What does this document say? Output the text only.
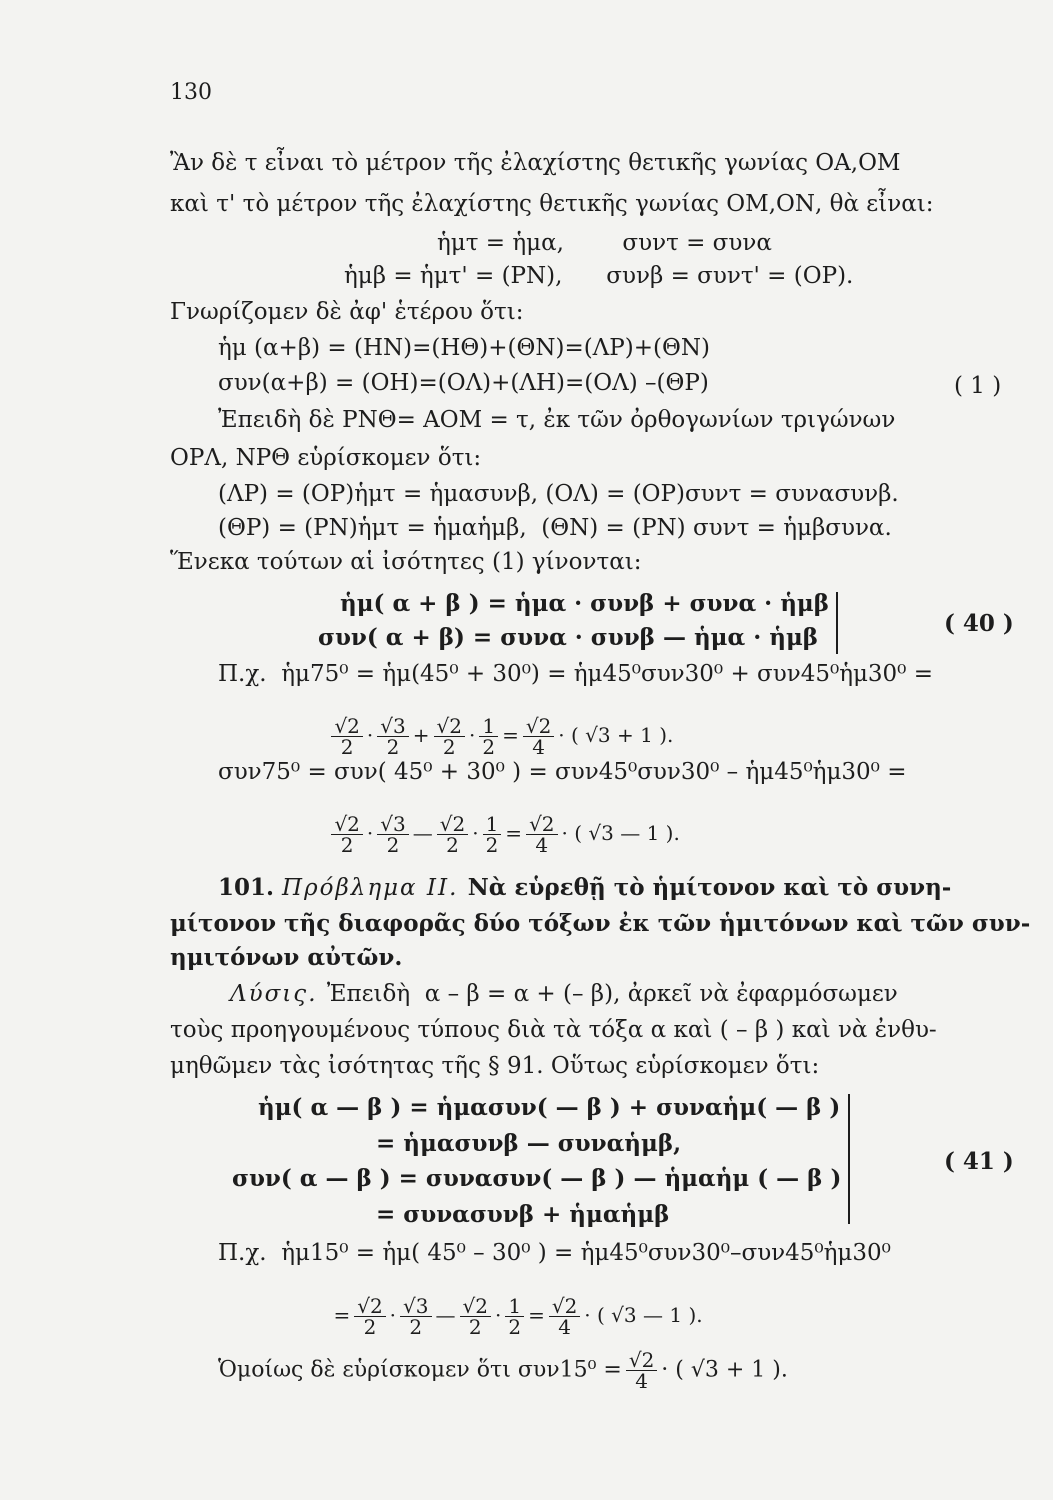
130
Ἂν δὲ τ εἶναι τὸ μέτρον τῆς ἐλαχίστης θετικῆς γωνίας ΟΑ,ΟΜ
καὶ τ' τὸ μέτρον τῆς ἐλαχίστης θετικῆς γωνίας ΟΜ,ΟΝ, θὰ εἶναι:
ἡμτ = ἡμα,        συντ = συνα
ἡμβ = ἡμτ' = (ΡΝ),      συνβ = συντ' = (ΟΡ).
Γνωρίζομεν δὲ ἀφ' ἑτέρου ὅτι:
ἡμ (α+β) = (ΗΝ)=(ΗΘ)+(ΘΝ)=(ΛΡ)+(ΘΝ)
συν(α+β) = (ΟΗ)=(ΟΛ)+(ΛΗ)=(ΟΛ) –(ΘΡ)	( 1 )
Ἐπειδὴ δὲ ΡΝΘ= ΑΟΜ = τ, ἐκ τῶν ὀρθογωνίων τριγώνων
ΟΡΛ, ΝΡΘ εὑρίσκομεν ὅτι:
(ΛΡ) = (ΟΡ)ἡμτ = ἡμασυνβ, (ΟΛ) = (ΟΡ)συντ = συνασυνβ.
(ΘΡ) = (ΡΝ)ἡμτ = ἡμαἡμβ,  (ΘΝ) = (ΡΝ) συντ = ἡμβσυνα.
Ἕνεκα τούτων αἱ ἰσότητες (1) γίνονται:
ἡμ( α + β ) = ἡμα · συνβ + συνα · ἡμβ
συν( α + β) = συνα · συνβ — ἡμα · ἡμβ
( 40 )
Π.χ.  ἡμ75⁰ = ἡμ(45⁰ + 30⁰) = ἡμ45⁰συν30⁰ + συν45⁰ἡμ30⁰ =

$\frac{√2}{2} \cdot \frac{√3}{2} + \frac{√2}{2} \cdot \frac{1}{2} = \frac{√2}{4}$ · ( √3 + 1 ).

συν75⁰ = συν( 45⁰ + 30⁰ ) = συν45⁰συν30⁰ – ἡμ45⁰ἡμ30⁰ =

$\frac{√2}{2} \cdot \frac{√3}{2}$ — $\frac{√2}{2} \cdot \frac{1}{2} = \frac{√2}{4}$ · ( √3 — 1 ).

101. Πρόβλημα ΙΙ. Νὰ εὑρεθῇ τὸ ἡμίτονον καὶ τὸ συνη-
μίτονον τῆς διαφορᾶς δύο τόξων ἐκ τῶν ἡμιτόνων καὶ τῶν συν-
ημιτόνων αὐτῶν.
Λύσις. Ἐπειδὴ  α – β = α + (– β), ἀρκεῖ νὰ ἐφαρμόσωμεν
τοὺς προηγουμένους τύπους διὰ τὰ τόξα α καὶ ( – β ) καὶ νὰ ἐνθυ-
μηθῶμεν τὰς ἰσότητας τῆς § 91. Οὕτως εὑρίσκομεν ὅτι:
ἡμ( α — β ) = ἡμασυν( — β ) + συναἡμ( — β )
= ἡμασυνβ — συναἡμβ,
συν( α — β ) = συνασυν( — β ) — ἡμαἡμ ( — β )
= συνασυνβ + ἡμαἡμβ
( 41 )
Π.χ.  ἡμ15⁰ = ἡμ( 45⁰ – 30⁰ ) = ἡμ45⁰συν30⁰–συν45⁰ἡμ30⁰

= $\frac{√2}{2} \cdot \frac{√3}{2}$ — $\frac{√2}{2} \cdot \frac{1}{2} = \frac{√2}{4}$ · ( √3 — 1 ).

Ὁμοίως δὲ εὑρίσκομεν ὅτι $\sigma\upsilon\nu 15^0 = \frac{√2}{4}$ · ( √3 + 1 ).
